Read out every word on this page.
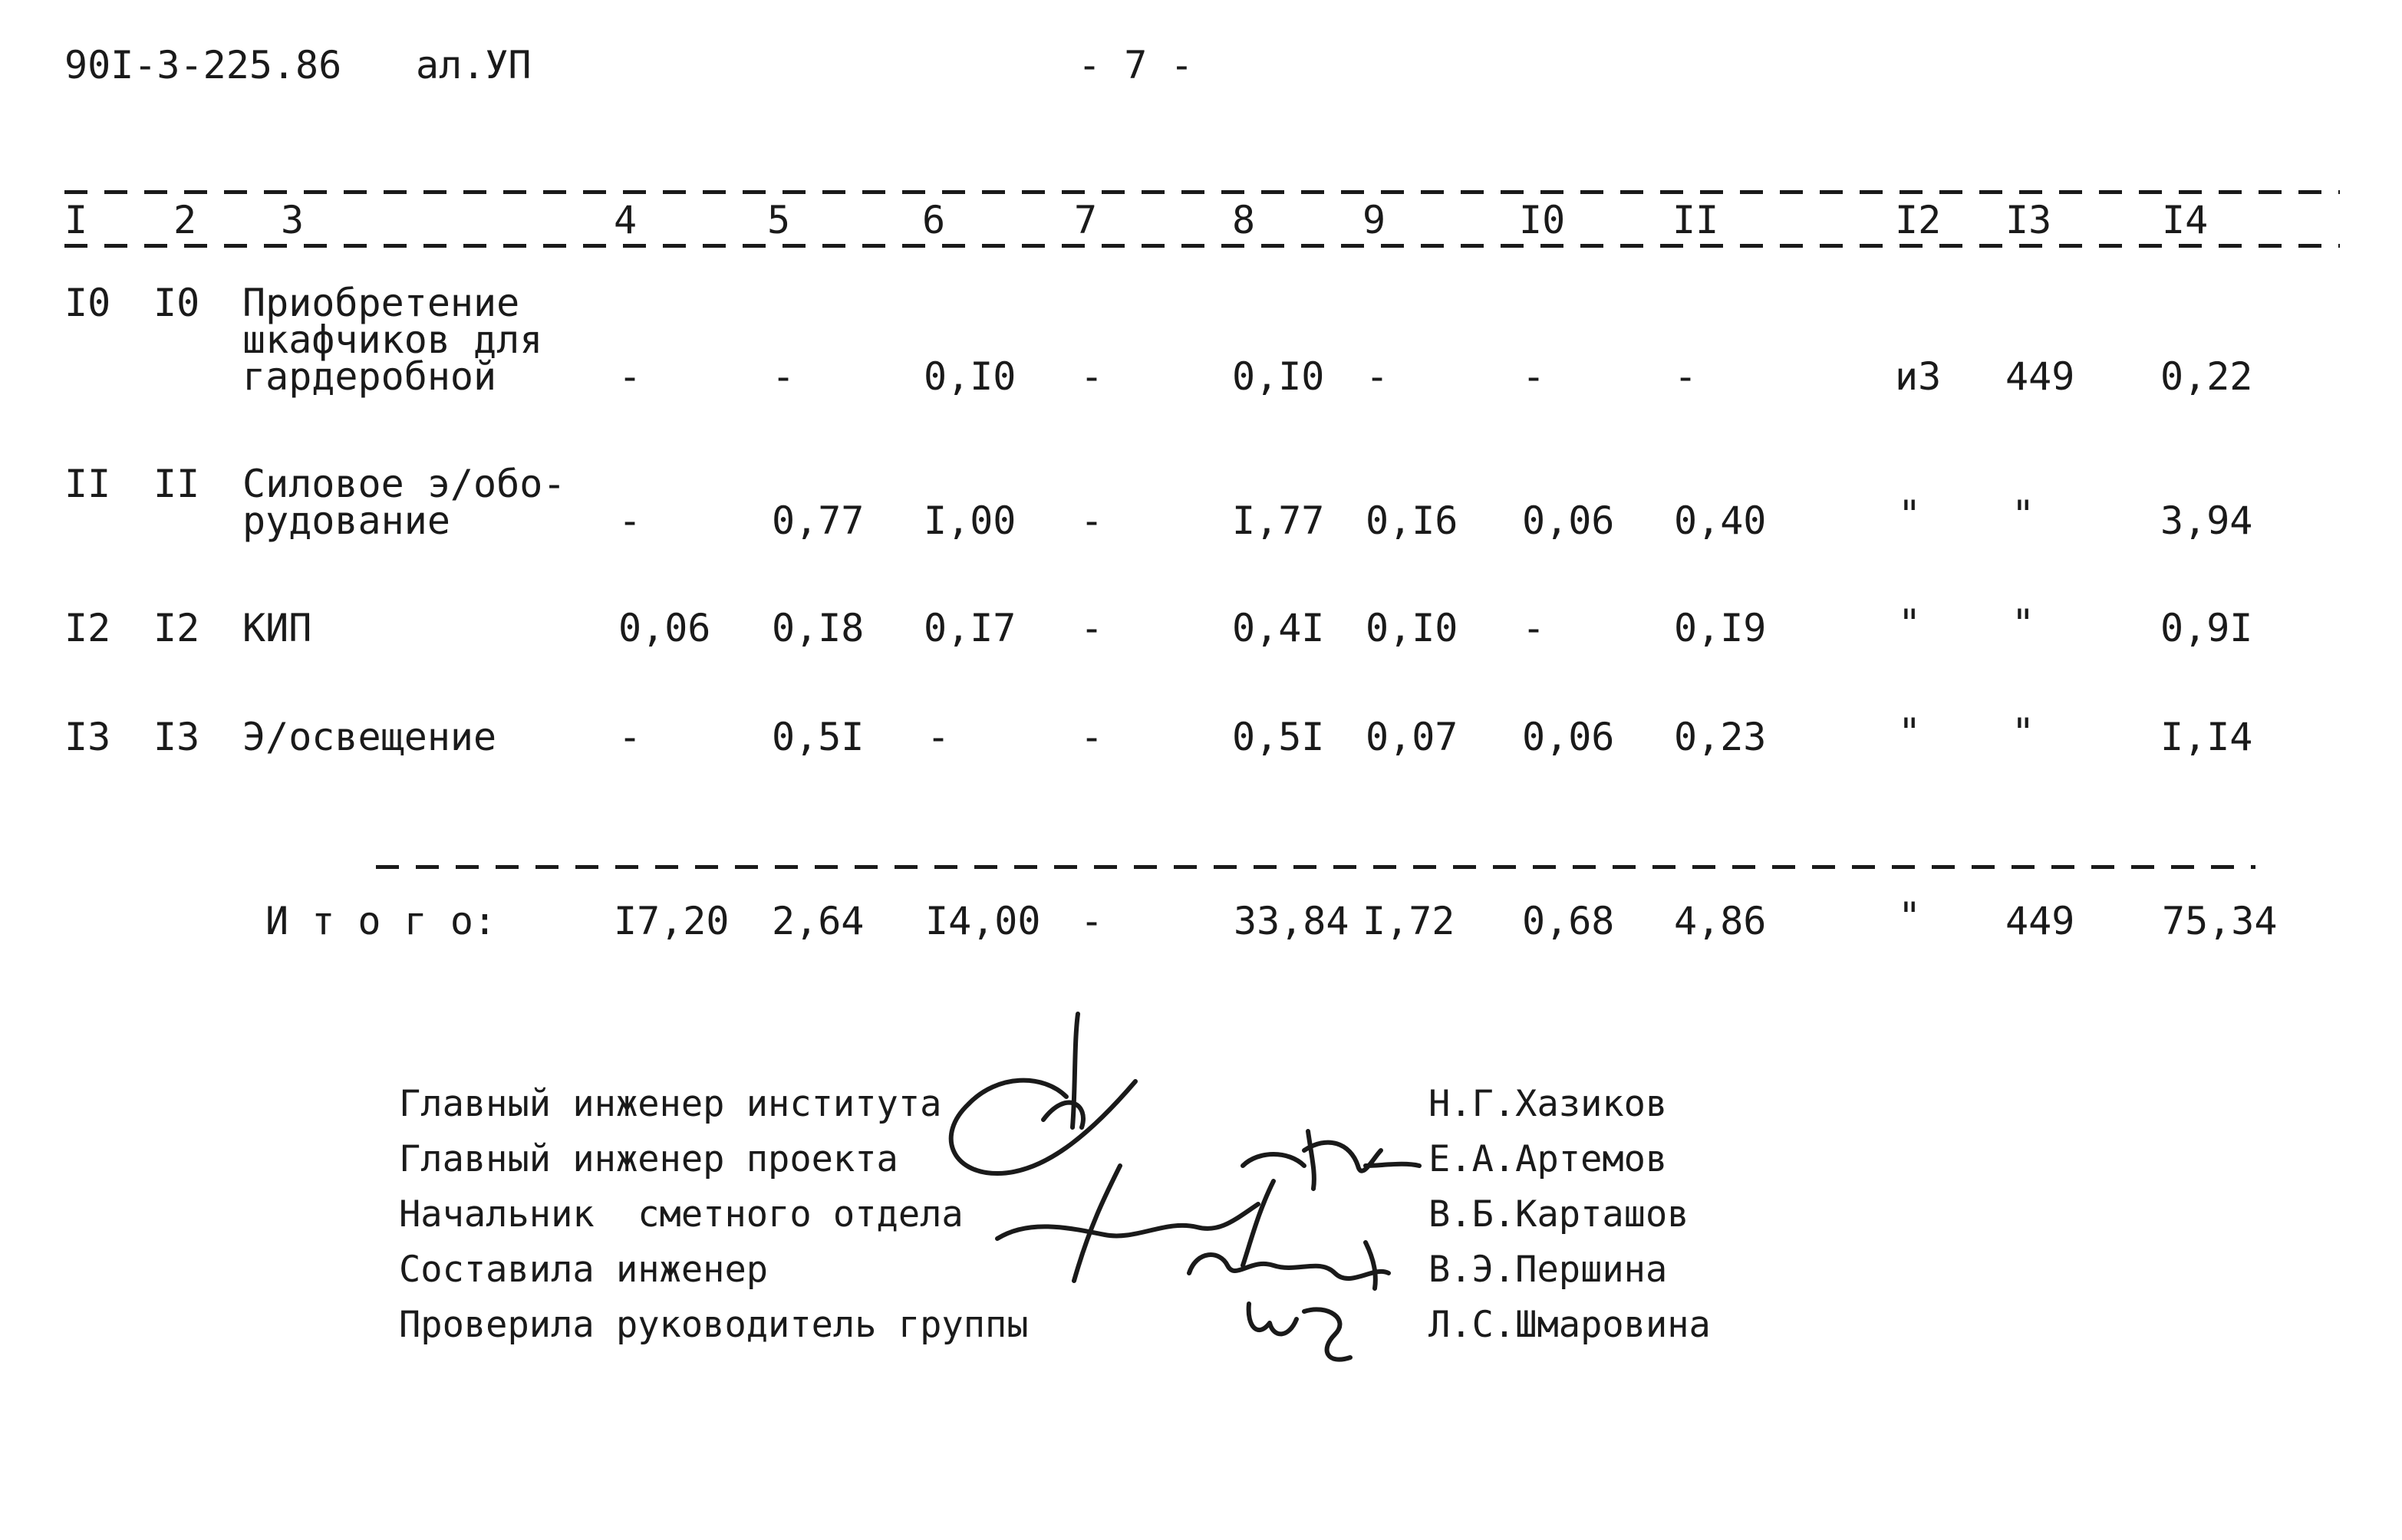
90I-3-225.86 ал.УП	- 7 -
I 2 3	4	5	6	7	8	9	I0	II	I2 I3	I4
I0 I0 Приобретение
шкафчиков для
гардеробной	-	-	0,I0 -	0,I0 -	-	-	и3 449 0,22
II II Силовое э/обо-
рудование	-	0,77 I,00 -	I,77 0,I6 0,06 0,40	" "	3,94
I2 I2 КИП	0,06 0,I8 0,I7 -	0,4I 0,I0 -	0,I9	" "	0,9I
I3 I3 Э/освещение	-	0,5I -	-	0,5I 0,07 0,06 0,23	" "	I,I4
И т о г о:	I7,20 2,64 I4,00 -	33,84 I,72 0,68 4,86	" 449 75,34
Главный инженер института
Главный инженер проекта
Начальник  сметного отдела
Составила инженер
Проверила руководитель группы
Н.Г.Хазиков
Е.А.Артемов
В.Б.Карташов
В.Э.Першина
Л.С.Шмаровина
